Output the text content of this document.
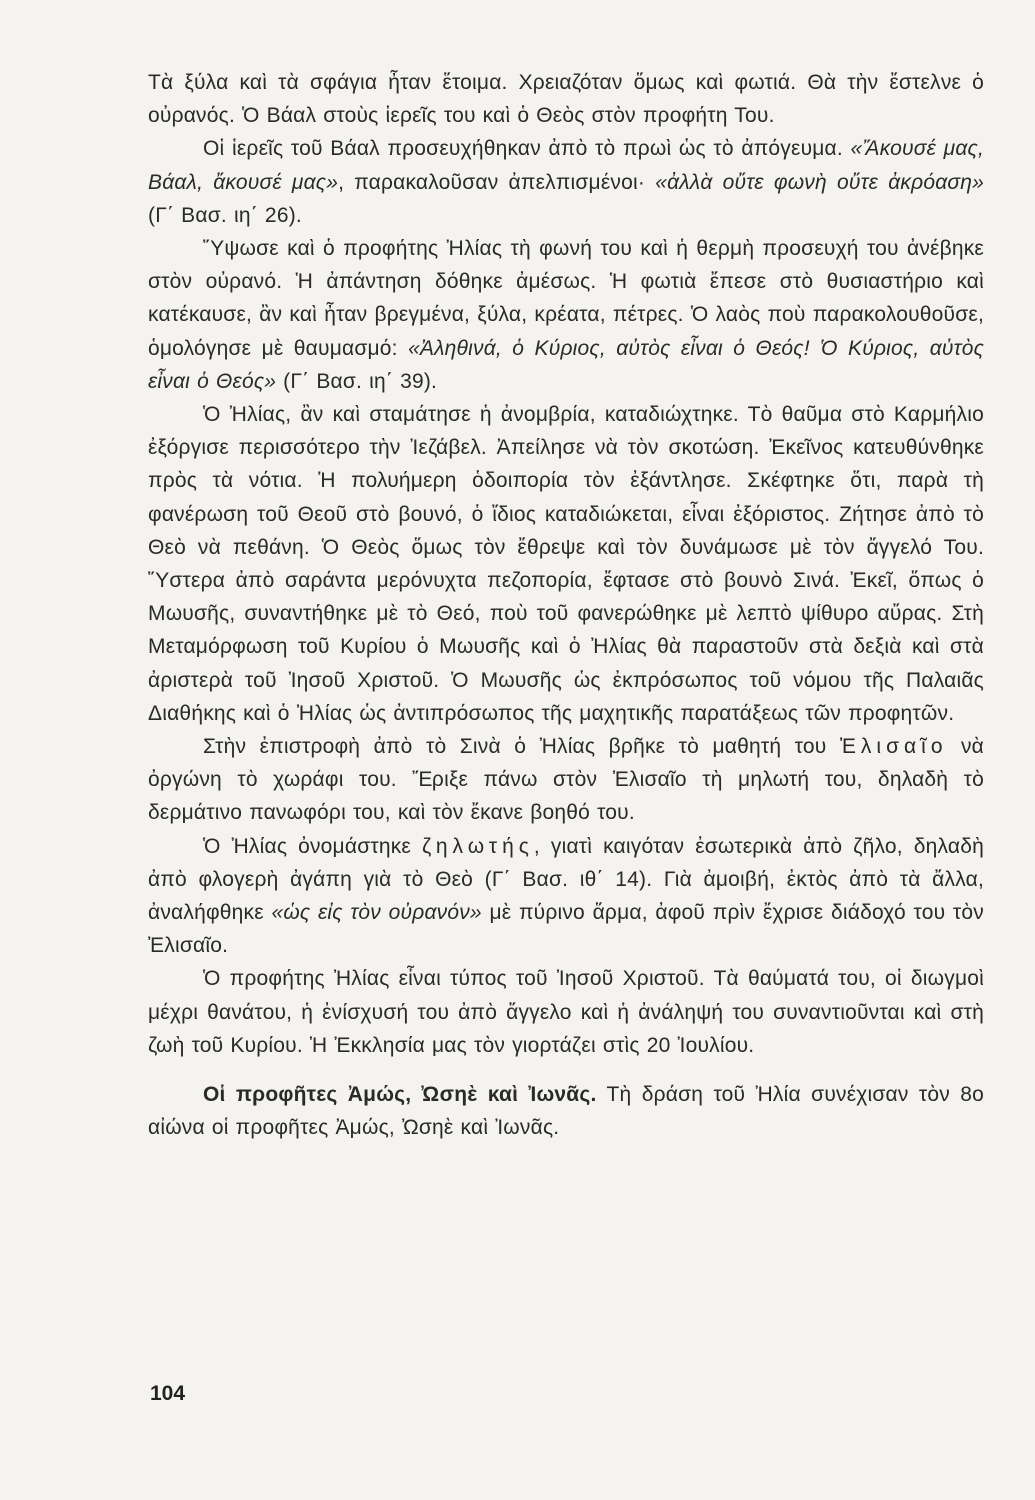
Τὰ ξύλα καὶ τὰ σφάγια ἦταν ἕτοιμα. Χρειαζόταν ὅμως καὶ φωτιά. Θὰ τὴν ἔστελνε ὁ οὐρανός. Ὁ Βάαλ στοὺς ἱερεῖς του καὶ ὁ Θεὸς στὸν προφήτη Του.

Οἱ ἱερεῖς τοῦ Βάαλ προσευχήθηκαν ἀπὸ τὸ πρωὶ ὡς τὸ ἀπόγευμα. «Ἄκουσέ μας, Βάαλ, ἄκουσέ μας», παρακαλοῦσαν ἀπελπισμένοι· «ἀλλὰ οὔτε φωνὴ οὔτε ἀκρόαση» (Γ΄ Βασ. ιη΄ 26).

Ὕψωσε καὶ ὁ προφήτης Ἠλίας τὴ φωνή του καὶ ἡ θερμὴ προσευχή του ἀνέβηκε στὸν οὐρανό. Ἡ ἀπάντηση δόθηκε ἀμέσως. Ἡ φωτιὰ ἔπεσε στὸ θυσιαστήριο καὶ κατέκαυσε, ἂν καὶ ἦταν βρεγμένα, ξύλα, κρέατα, πέτρες. Ὁ λαὸς ποὺ παρακολουθοῦσε, ὁμολόγησε μὲ θαυμασμό: «Ἀληθινά, ὁ Κύριος, αὐτὸς εἶναι ὁ Θεός! Ὁ Κύριος, αὐτὸς εἶναι ὁ Θεός» (Γ΄ Βασ. ιη΄ 39).

Ὁ Ἠλίας, ἂν καὶ σταμάτησε ἡ ἀνομβρία, καταδιώχτηκε. Τὸ θαῦμα στὸ Καρμήλιο ἐξόργισε περισσότερο τὴν Ἰεζάβελ. Ἀπείλησε νὰ τὸν σκοτώση. Ἐκεῖνος κατευθύνθηκε πρὸς τὰ νότια. Ἡ πολυήμερη ὁδοιπορία τὸν ἐξάντλησε. Σκέφτηκε ὅτι, παρὰ τὴ φανέρωση τοῦ Θεοῦ στὸ βουνό, ὁ ἴδιος καταδιώκεται, εἶναι ἐξόριστος. Ζήτησε ἀπὸ τὸ Θεὸ νὰ πεθάνη. Ὁ Θεὸς ὅμως τὸν ἔθρεψε καὶ τὸν δυνάμωσε μὲ τὸν ἄγγελό Του. Ὕστερα ἀπὸ σαράντα μερόνυχτα πεζοπορία, ἔφτασε στὸ βουνὸ Σινά. Ἐκεῖ, ὅπως ὁ Μωυσῆς, συναντήθηκε μὲ τὸ Θεό, ποὺ τοῦ φανερώθηκε μὲ λεπτὸ ψίθυρο αὔρας. Στὴ Μεταμόρφωση τοῦ Κυρίου ὁ Μωυσῆς καὶ ὁ Ἠλίας θὰ παραστοῦν στὰ δεξιὰ καὶ στὰ ἀριστερὰ τοῦ Ἰησοῦ Χριστοῦ. Ὁ Μωυσῆς ὡς ἐκπρόσωπος τοῦ νόμου τῆς Παλαιᾶς Διαθήκης καὶ ὁ Ἠλίας ὡς ἀντιπρόσωπος τῆς μαχητικῆς παρατάξεως τῶν προφητῶν.

Στὴν ἐπιστροφὴ ἀπὸ τὸ Σινὰ ὁ Ἠλίας βρῆκε τὸ μαθητή του Ἐλισαῖο νὰ ὀργώνη τὸ χωράφι του. Ἔριξε πάνω στὸν Ἐλισαῖο τὴ μηλωτή του, δηλαδὴ τὸ δερμάτινο πανωφόρι του, καὶ τὸν ἔκανε βοηθό του.

Ὁ Ἠλίας ὀνομάστηκε ζηλωτής, γιατὶ καιγόταν ἐσωτερικὰ ἀπὸ ζῆλο, δηλαδὴ ἀπὸ φλογερὴ ἀγάπη γιὰ τὸ Θεὸ (Γ΄ Βασ. ιθ΄ 14). Γιὰ ἀμοιβή, ἐκτὸς ἀπὸ τὰ ἄλλα, ἀναλήφθηκε «ὡς εἰς τὸν οὐρανόν» μὲ πύρινο ἅρμα, ἀφοῦ πρὶν ἔχρισε διάδοχό του τὸν Ἐλισαῖο.

Ὁ προφήτης Ἠλίας εἶναι τύπος τοῦ Ἰησοῦ Χριστοῦ. Τὰ θαύματά του, οἱ διωγμοὶ μέχρι θανάτου, ἡ ἐνίσχυσή του ἀπὸ ἄγγελο καὶ ἡ ἀνάληψή του συναντιοῦνται καὶ στὴ ζωὴ τοῦ Κυρίου. Ἡ Ἐκκλησία μας τὸν γιορτάζει στὶς 20 Ἰουλίου.

Οἱ προφῆτες Ἀμώς, Ὠσηὲ καὶ Ἰωνᾶς. Τὴ δράση τοῦ Ἠλία συνέχισαν τὸν 8ο αἰώνα οἱ προφῆτες Ἀμώς, Ὠσηὲ καὶ Ἰωνᾶς.

104
